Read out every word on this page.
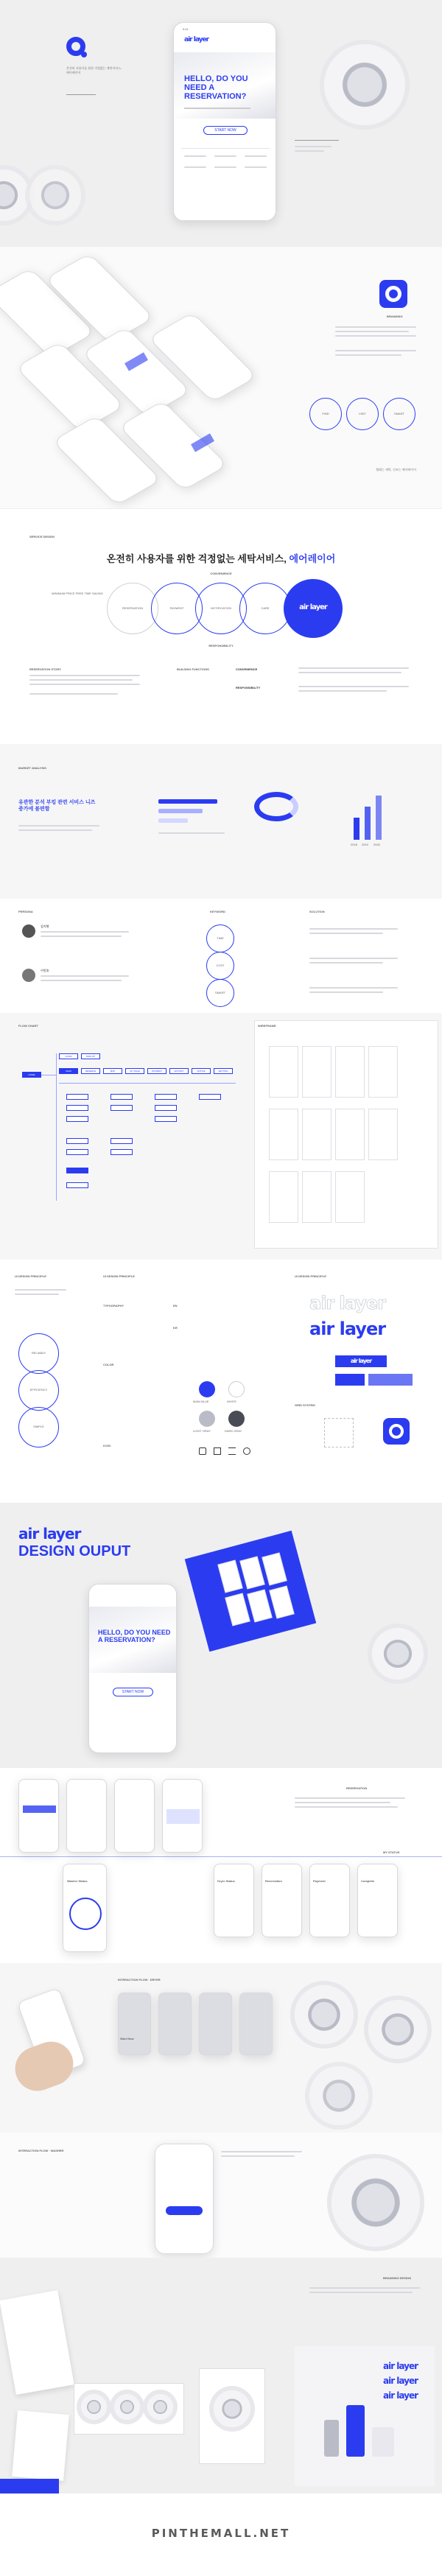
온전히 사용자를 위한 걱정없는 세탁서비스, 에어레이어
9:41
air layer
HELLO, DO YOU NEED A RESERVATION?
START NOW
BRANDING
FIND	VISIT	SMART
빨래는 세탁, 건조는 에어레이어
SERVICE DESIGN
온전히 사용자를 위한 걱정없는 세탁서비스, 에어레이어
CONVENIENCE
MINIMUM PRICE FREE TIME SAVING
RESERVATION	PAYMENT	NOTIFICATION	CARE	air layer
RESPONSIBILITY
RESERVATION STORY	BUILDING FUNCTIONS	CONVENIENCE
RESPONSIBILITY
MARKET ANALYSIS
유관한 분석 부킹 관련 서비스 니즈 증가에 불편함
2018 2019 2020
PERSONA
김지현
이민호
KEYWORD	SOLUTION
TIME
COST
SMART
FLOW CHART
HOME
LOGIN	SIGN UP
MAIN	RESERVE	MAP	MY PAGE	PAYMENT	HISTORY	NOTICE	SETTING
WIREFRAME
UI DESIGN PRINCIPLE
RELIABLE
EFFICIENCY
SIMPLE
UI DESIGN PRINCIPLE
TYPOGRAPHY	EN
KR
COLOR
MAIN BLUE	WHITE
LIGHT GRAY	DARK GRAY
ICON
UI DESIGN PRINCIPLE
air layer
air layer
air layer
GRID SYSTEM
air layer
DESIGN OUPUT
HELLO, DO YOU NEED A RESERVATION?
START NOW
Washer Status
RESERVATION
MY STATUS
Dryer Status	Reservation	Payment	Complete
INTERACTION FLOW · DRYER
Start Now
INTERACTION FLOW · WASHER
BRANDING DESIGN
air layer
air layer
air layer
PINTHEMALL.NET
